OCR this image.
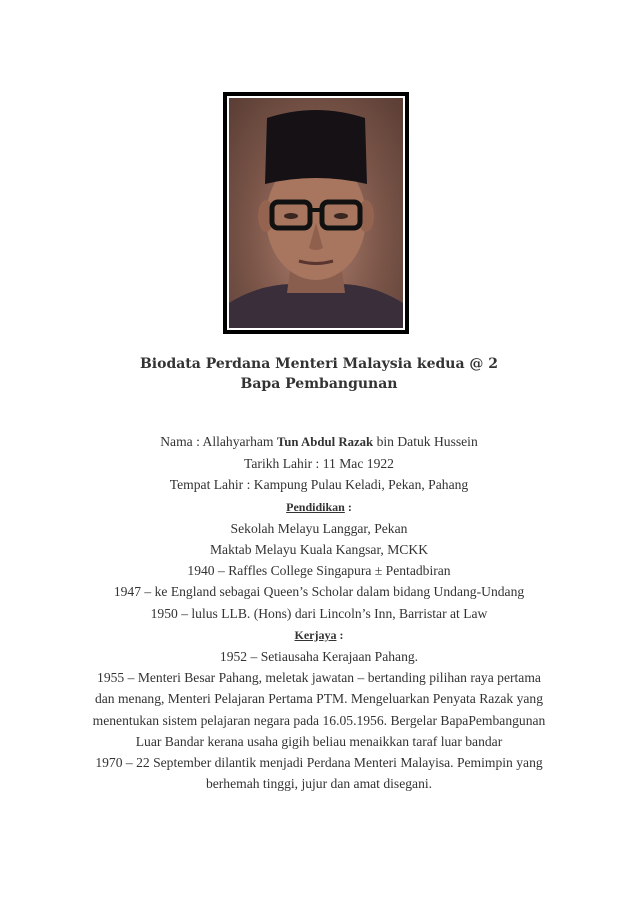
Biodata Perdana Menteri Malaysia kedua @ 2
Bapa Pembangunan
Nama : Allahyarham Tun Abdul Razak bin Datuk Hussein
Tarikh Lahir : 11 Mac 1922
Tempat Lahir : Kampung Pulau Keladi, Pekan, Pahang
Pendidikan :
Sekolah Melayu Langgar, Pekan
Maktab Melayu Kuala Kangsar, MCKK
1940 – Raffles College Singapura ± Pentadbiran
1947 – ke England sebagai Queen’s Scholar dalam bidang Undang-Undang
1950 – lulus LLB. (Hons) dari Lincoln’s Inn, Barristar at Law
Kerjaya :
1952 – Setiausaha Kerajaan Pahang.
1955 – Menteri Besar Pahang, meletak jawatan – bertanding pilihan raya pertama
dan menang, Menteri Pelajaran Pertama PTM. Mengeluarkan Penyata Razak yang
menentukan sistem pelajaran negara pada 16.05.1956. Bergelar BapaPembangunan
Luar Bandar kerana usaha gigih beliau menaikkan taraf luar bandar
1970 – 22 September dilantik menjadi Perdana Menteri Malayisa. Pemimpin yang
berhemah tinggi, jujur dan amat disegani.
